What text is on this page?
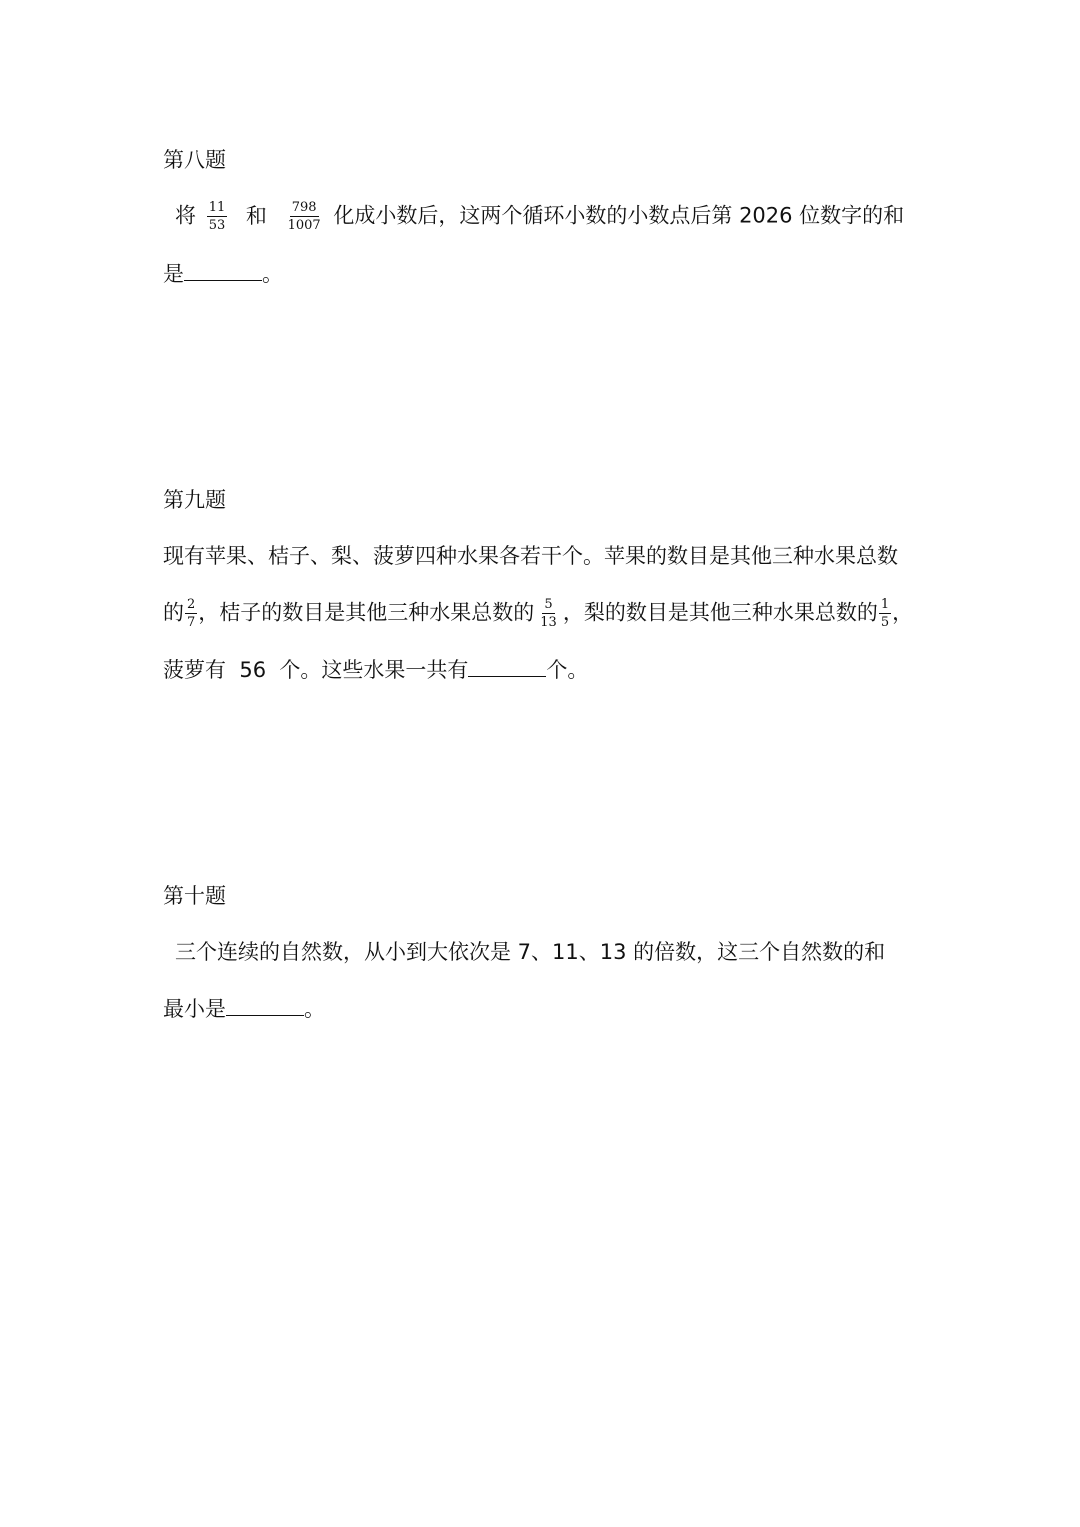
第八题
将 $\frac{11}{53}$ 和 $\frac{798}{1007}$ 化成小数后，这两个循环小数的小数点后第 2026 位数字的和
是	。
第九题
现有苹果、桔子、梨、菠萝四种水果各若干个。苹果的数目是其他三种水果总数
的 $\frac{2}{7}$ ，桔子的数目是其他三种水果总数的 $\frac{5}{13}$ ，梨的数目是其他三种水果总数的 $\frac{1}{5}$ ，
菠萝有  56  个。这些水果一共有	个。
第十题
三个连续的自然数，从小到大依次是 7、11、13 的倍数，这三个自然数的和
最小是	。
